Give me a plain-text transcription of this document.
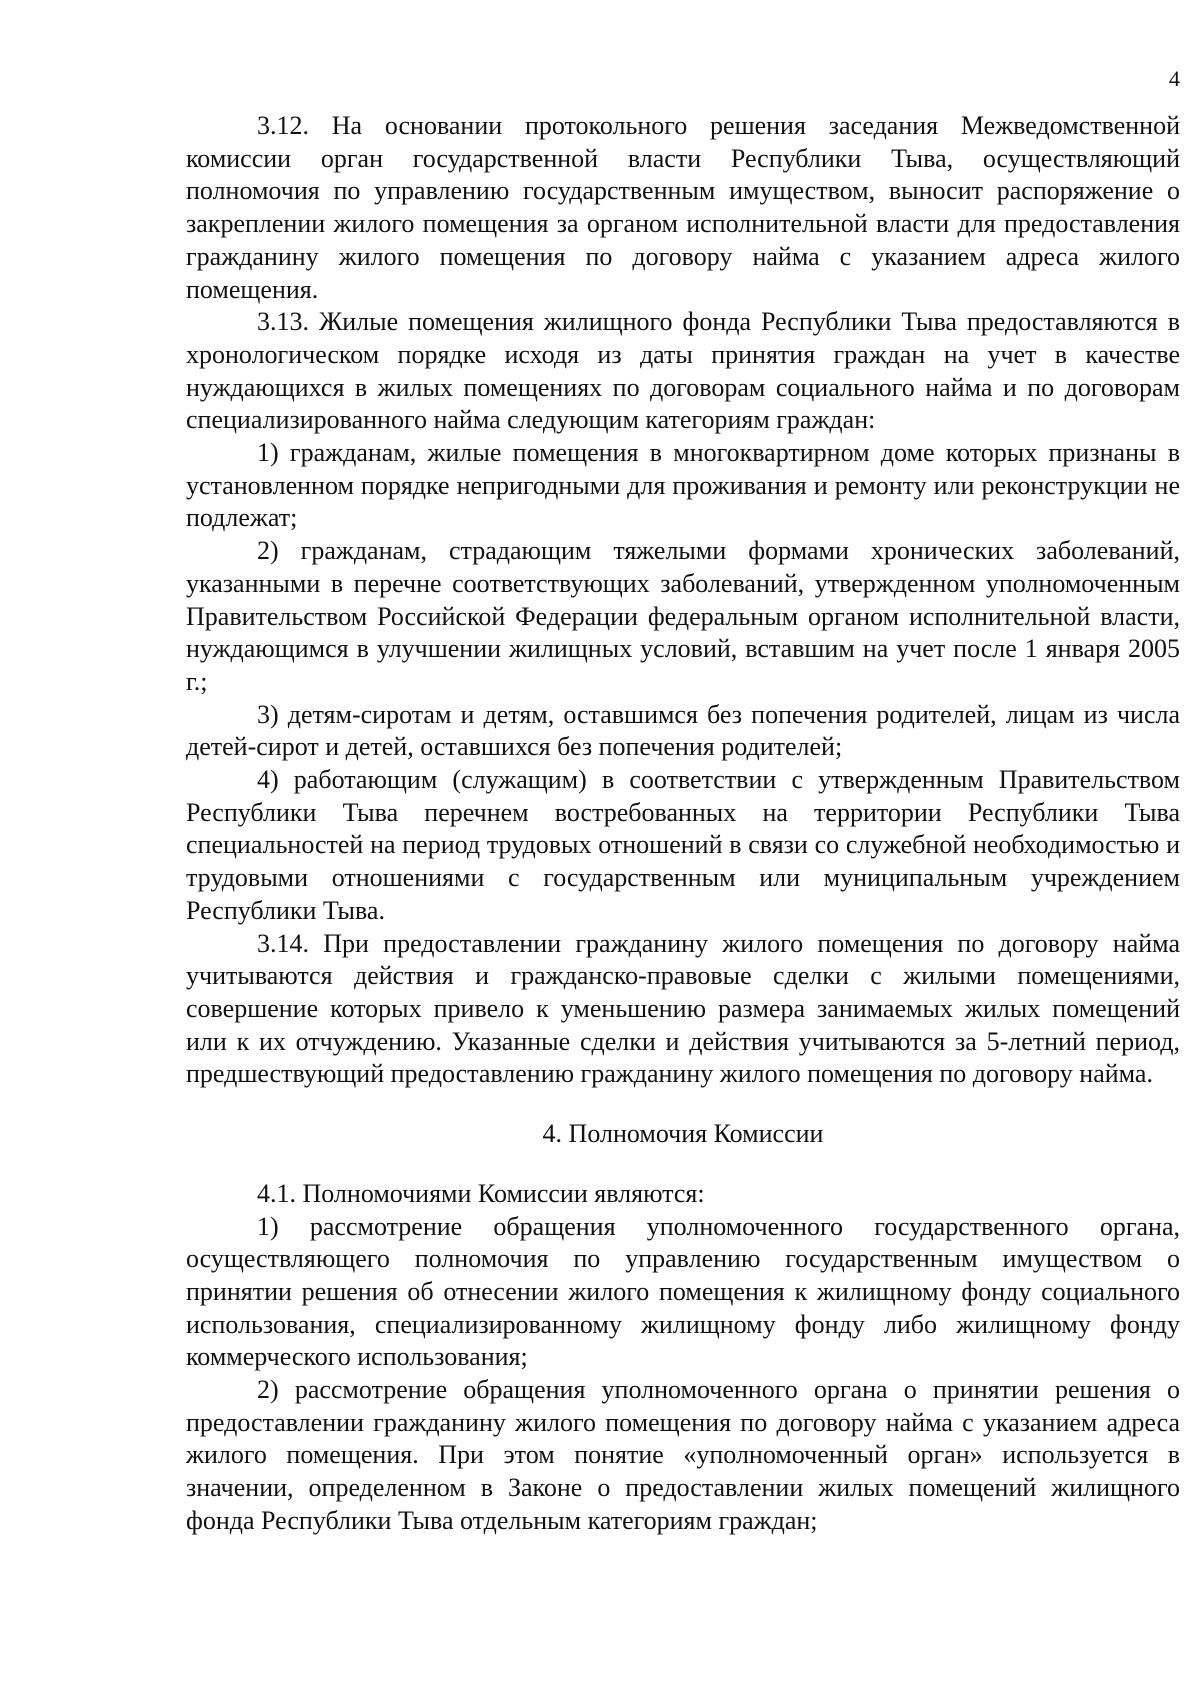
4

3.12. На основании протокольного решения заседания Межведомственной комиссии орган государственной власти Республики Тыва, осуществляющий полномочия по управлению государственным имуществом, выносит распоряжение о закреплении жилого помещения за органом исполнительной власти для предоставления гражданину жилого помещения по договору найма с указанием адреса жилого помещения.

3.13. Жилые помещения жилищного фонда Республики Тыва предоставляются в хронологическом порядке исходя из даты принятия граждан на учет в качестве нуждающихся в жилых помещениях по договорам социального найма и по договорам специализированного найма следующим категориям граждан:

1) гражданам, жилые помещения в многоквартирном доме которых признаны в установленном порядке непригодными для проживания и ремонту или реконструкции не подлежат;

2) гражданам, страдающим тяжелыми формами хронических заболеваний, указанными в перечне соответствующих заболеваний, утвержденном уполномоченным Правительством Российской Федерации федеральным органом исполнительной власти, нуждающимся в улучшении жилищных условий, вставшим на учет после 1 января 2005 г.;

3) детям-сиротам и детям, оставшимся без попечения родителей, лицам из числа детей-сирот и детей, оставшихся без попечения родителей;

4) работающим (служащим) в соответствии с утвержденным Правительством Республики Тыва перечнем востребованных на территории Республики Тыва специальностей на период трудовых отношений в связи со служебной необходимостью и трудовыми отношениями с государственным или муниципальным учреждением Республики Тыва.

3.14. При предоставлении гражданину жилого помещения по договору найма учитываются действия и гражданско-правовые сделки с жилыми помещениями, совершение которых привело к уменьшению размера занимаемых жилых помещений или к их отчуждению. Указанные сделки и действия учитываются за 5-летний период, предшествующий предоставлению гражданину жилого помещения по договору найма.

4. Полномочия Комиссии

4.1. Полномочиями Комиссии являются:

1) рассмотрение обращения уполномоченного государственного органа, осуществляющего полномочия по управлению государственным имуществом о принятии решения об отнесении жилого помещения к жилищному фонду социального использования, специализированному жилищному фонду либо жилищному фонду коммерческого использования;

2) рассмотрение обращения уполномоченного органа о принятии решения о предоставлении гражданину жилого помещения по договору найма с указанием адреса жилого помещения. При этом понятие «уполномоченный орган» используется в значении, определенном в Законе о предоставлении жилых помещений жилищного фонда Республики Тыва отдельным категориям граждан;
